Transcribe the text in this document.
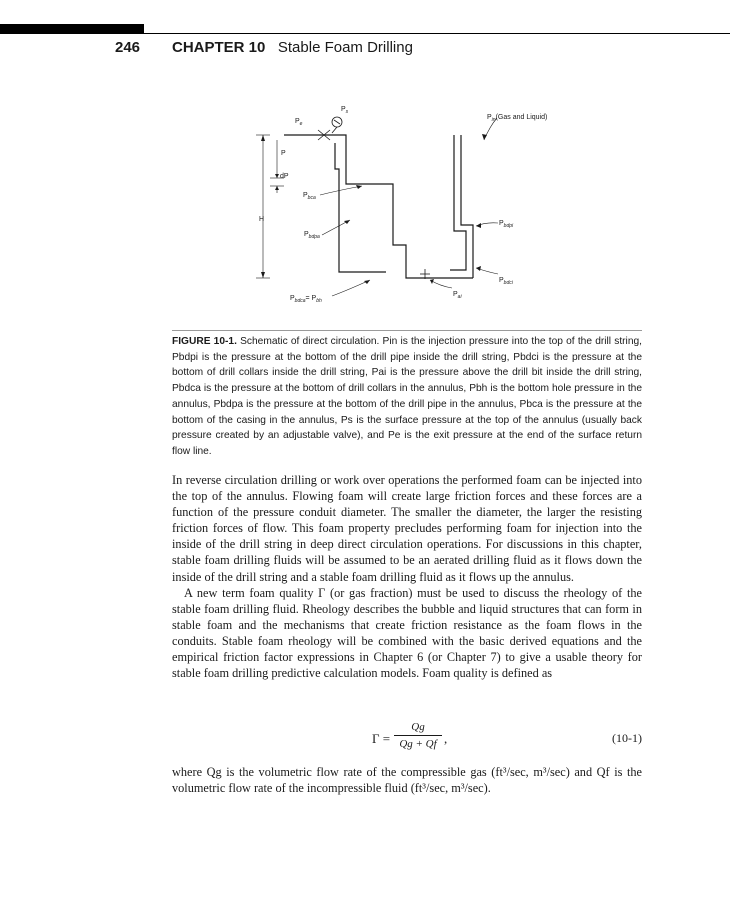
246 CHAPTER 10 Stable Foam Drilling
$P_s$
$P_e$
$P_{in}(Gas$ and Liquid)
P
dP
$P_{bca}$
H
$P_{bdpa}$
$P_{bdpi}$
$P_{bdci}$
$P_{ai}$
$P_{bdca}= P_{bh}$

FIGURE 10-1. Schematic of direct circulation. Pin is the injection pressure into the top of the drill string, Pbdpi is the pressure at the bottom of the drill pipe inside the drill string, Pbdci is the pressure at the bottom of drill collars inside the drill string, Pai is the pressure above the drill bit inside the drill string, Pbdca is the pressure at the bottom of drill collars in the annulus, Pbh is the bottom hole pressure in the annulus, Pbdpa is the pressure at the bottom of the drill pipe in the annulus, Pbca is the pressure at the bottom of the casing in the annulus, Ps is the surface pressure at the top of the annulus (usually back pressure created by an adjustable valve), and Pe is the exit pressure at the end of the surface return flow line.

In reverse circulation drilling or work over operations the performed foam can be injected into the top of the annulus. Flowing foam will create large friction forces and these forces are a function of the pressure conduit diameter. The smaller the diameter, the larger the resisting friction forces of flow. This foam property precludes performing foam for injection into the inside of the drill string in deep direct circulation operations. For discussions in this chapter, stable foam drilling fluids will be assumed to be an aerated drilling fluid as it flows down the inside of the drill string and a stable foam drilling fluid as it flows up the annulus.

A new term foam quality Γ (or gas fraction) must be used to discuss the rheology of the stable foam drilling fluid. Rheology describes the bubble and liquid structures that can form in stable foam and the mechanisms that create friction resistance as the foam flows in the conduits. Stable foam rheology will be combined with the basic derived equations and the empirical friction factor expressions in Chapter 6 (or Chapter 7) to give a usable theory for stable foam drilling predictive calculation models. Foam quality is defined as

Γ =
Qg
Qg + Qf ,	(10-1)

where Qg is the volumetric flow rate of the compressible gas (ft³/sec, m³/sec) and Qf is the volumetric flow rate of the incompressible fluid (ft³/sec, m³/sec).
